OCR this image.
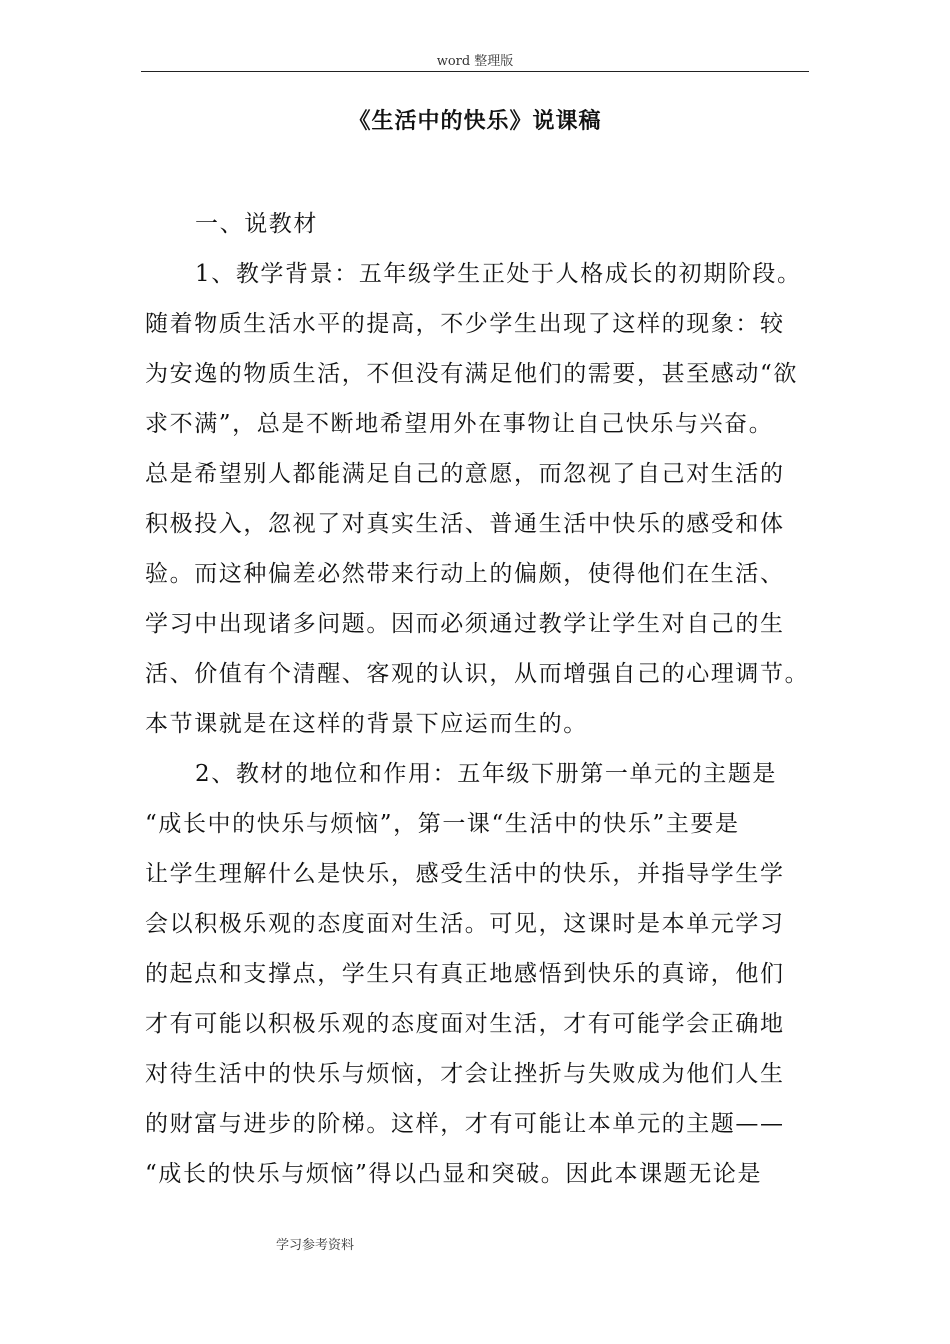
word 整理版
《生活中的快乐》说课稿
一、说教材
1、教学背景：五年级学生正处于人格成长的初期阶段。
随着物质生活水平的提高，不少学生出现了这样的现象：较
为安逸的物质生活，不但没有满足他们的需要，甚至感动“欲
求不满”，总是不断地希望用外在事物让自己快乐与兴奋。
总是希望别人都能满足自己的意愿，而忽视了自己对生活的
积极投入，忽视了对真实生活、普通生活中快乐的感受和体
验。而这种偏差必然带来行动上的偏颇，使得他们在生活、
学习中出现诸多问题。因而必须通过教学让学生对自己的生
活、价值有个清醒、客观的认识，从而增强自己的心理调节。
本节课就是在这样的背景下应运而生的。
2、教材的地位和作用：五年级下册第一单元的主题是
“成长中的快乐与烦恼”，第一课“生活中的快乐”主要是
让学生理解什么是快乐，感受生活中的快乐，并指导学生学
会以积极乐观的态度面对生活。可见，这课时是本单元学习
的起点和支撑点，学生只有真正地感悟到快乐的真谛，他们
才有可能以积极乐观的态度面对生活，才有可能学会正确地
对待生活中的快乐与烦恼，才会让挫折与失败成为他们人生
的财富与进步的阶梯。这样，才有可能让本单元的主题——
“成长的快乐与烦恼”得以凸显和突破。因此本课题无论是
学习参考资料
